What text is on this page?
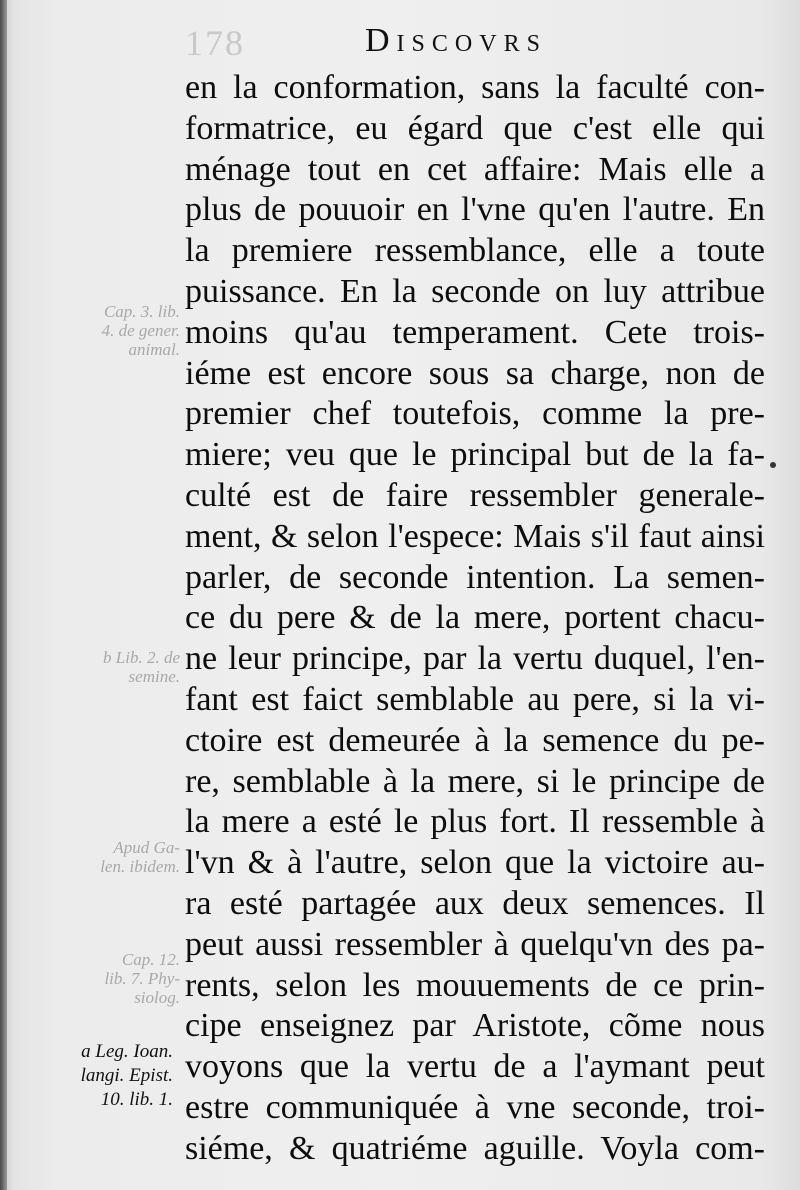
178	Discovrs
en la conformation, sans la faculté con-
formatrice, eu égard que c'est elle qui
ménage tout en cet affaire: Mais elle a
plus de pouuoir en l'vne qu'en l'autre. En
la premiere ressemblance, elle a toute
puissance. En la seconde on luy attribue
moins qu'au temperament. Cete trois-
iéme est encore sous sa charge, non de
premier chef toutefois, comme la pre-
miere; veu que le principal but de la fa-
culté est de faire ressembler generale-
ment, & selon l'espece: Mais s'il faut ainsi
parler, de seconde intention. La semen-
ce du pere & de la mere, portent chacu-
ne leur principe, par la vertu duquel, l'en-
fant est faict semblable au pere, si la vi-
ctoire est demeurée à la semence du pe-
re, semblable à la mere, si le principe de
la mere a esté le plus fort. Il ressemble à
l'vn & à l'autre, selon que la victoire au-
ra esté partagée aux deux semences. Il
peut aussi ressembler à quelqu'vn des pa-
rents, selon les mouuements de ce prin-
cipe enseignez par Aristote, cõme nous
voyons que la vertu de a l'aymant peut
estre communiquée à vne seconde, troi-
siéme, & quatriéme aguille. Voyla com-
Cap. 3. lib.
4. de gener.
animal.
b Lib. 2. de
semine.
Apud Ga-
len. ibidem.
Cap. 12.
lib. 7. Phy-
siolog.
a Leg. Ioan.
langi. Epist.
10. lib. 1.
